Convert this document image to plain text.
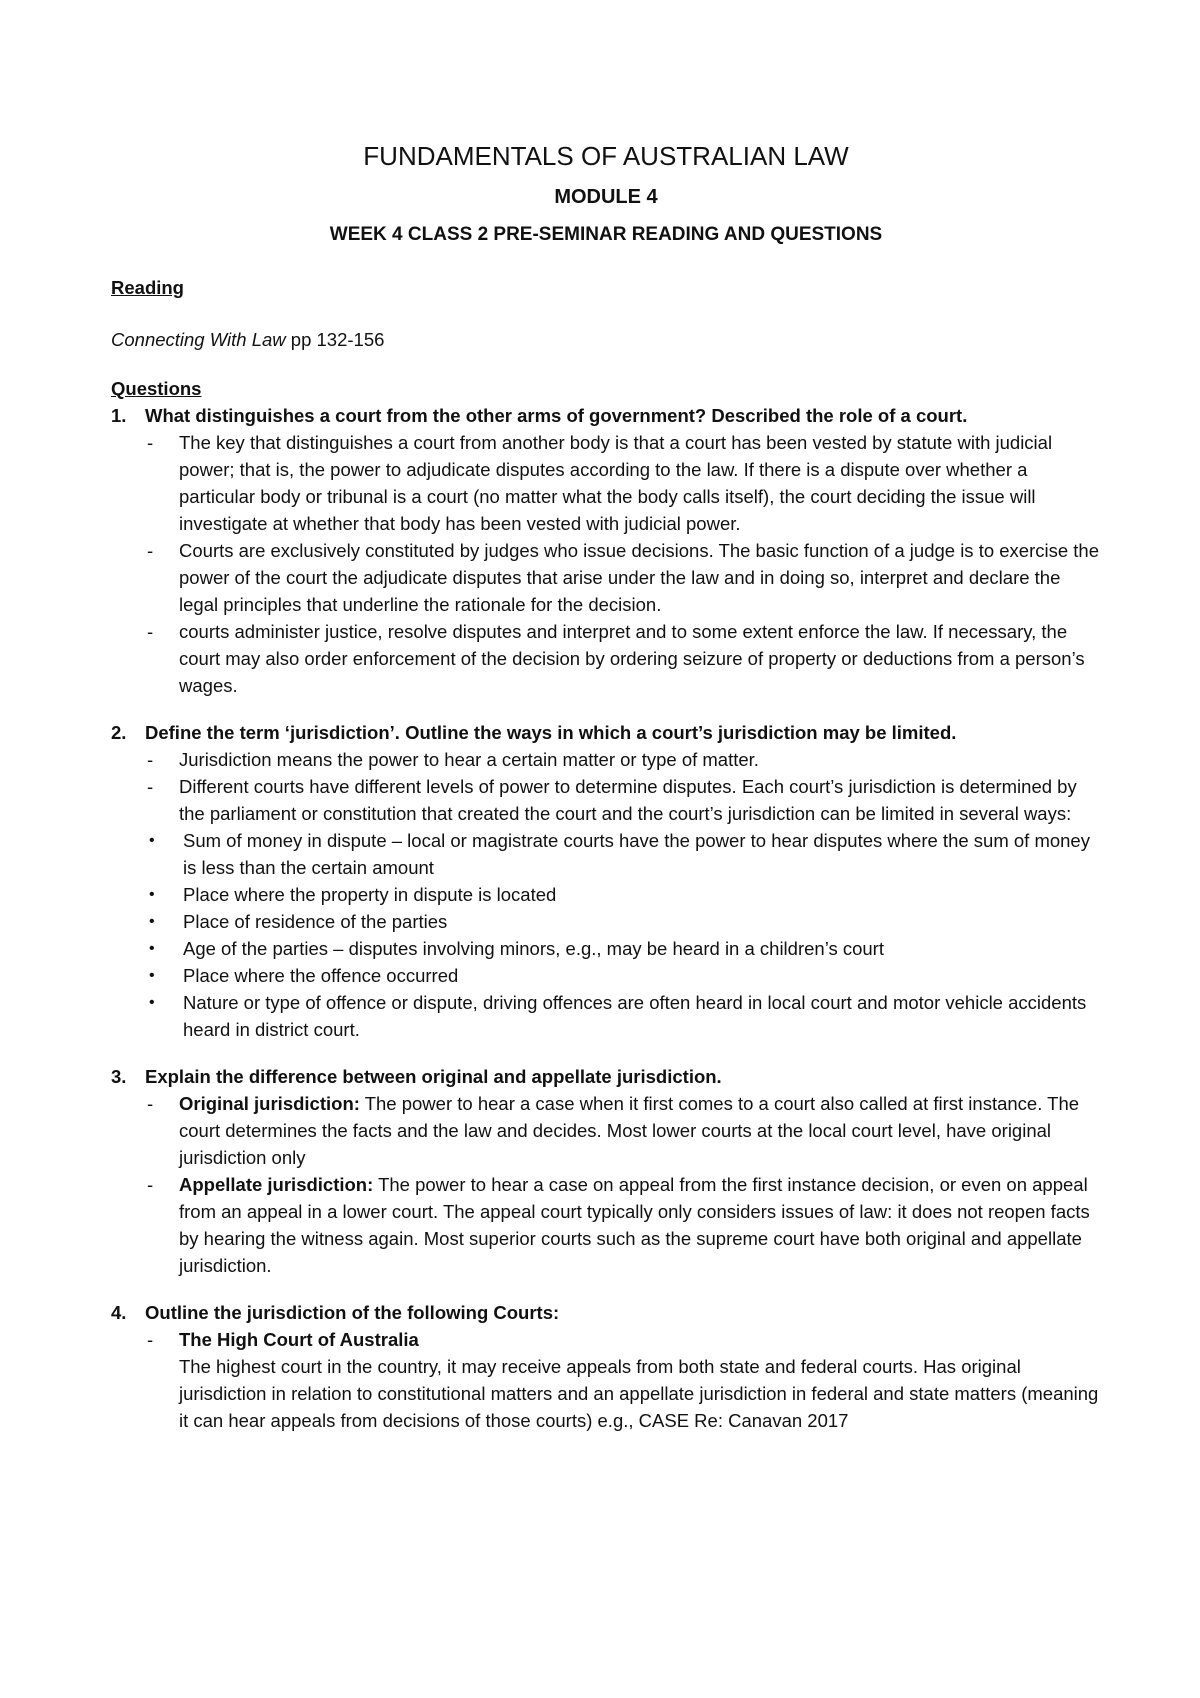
FUNDAMENTALS OF AUSTRALIAN LAW
MODULE 4
WEEK 4 CLASS 2 PRE-SEMINAR READING AND QUESTIONS
Reading
Connecting With Law pp 132-156
Questions
1.	What distinguishes a court from the other arms of government? Described the role of a court.
-	The key that distinguishes a court from another body is that a court has been vested by statute with judicial power; that is, the power to adjudicate disputes according to the law. If there is a dispute over whether a particular body or tribunal is a court (no matter what the body calls itself), the court deciding the issue will investigate at whether that body has been vested with judicial power.
-	Courts are exclusively constituted by judges who issue decisions. The basic function of a judge is to exercise the power of the court the adjudicate disputes that arise under the law and in doing so, interpret and declare the legal principles that underline the rationale for the decision.
-	courts administer justice, resolve disputes and interpret and to some extent enforce the law. If necessary, the court may also order enforcement of the decision by ordering seizure of property or deductions from a person’s wages.
2.	Define the term ‘jurisdiction’. Outline the ways in which a court’s jurisdiction may be limited.
-	Jurisdiction means the power to hear a certain matter or type of matter.
-	Different courts have different levels of power to determine disputes. Each court’s jurisdiction is determined by the parliament or constitution that created the court and the court’s jurisdiction can be limited in several ways:
•	Sum of money in dispute – local or magistrate courts have the power to hear disputes where the sum of money is less than the certain amount
•	Place where the property in dispute is located
•	Place of residence of the parties
•	Age of the parties – disputes involving minors, e.g., may be heard in a children’s court
•	Place where the offence occurred
•	Nature or type of offence or dispute, driving offences are often heard in local court and motor vehicle accidents heard in district court.
3.	Explain the difference between original and appellate jurisdiction.
-	Original jurisdiction: The power to hear a case when it first comes to a court also called at first instance. The court determines the facts and the law and decides. Most lower courts at the local court level, have original jurisdiction only
-	Appellate jurisdiction: The power to hear a case on appeal from the first instance decision, or even on appeal from an appeal in a lower court. The appeal court typically only considers issues of law: it does not reopen facts by hearing the witness again. Most superior courts such as the supreme court have both original and appellate jurisdiction.
4.	Outline the jurisdiction of the following Courts:
-	The High Court of Australia
The highest court in the country, it may receive appeals from both state and federal courts. Has original jurisdiction in relation to constitutional matters and an appellate jurisdiction in federal and state matters (meaning it can hear appeals from decisions of those courts) e.g., CASE Re: Canavan 2017
